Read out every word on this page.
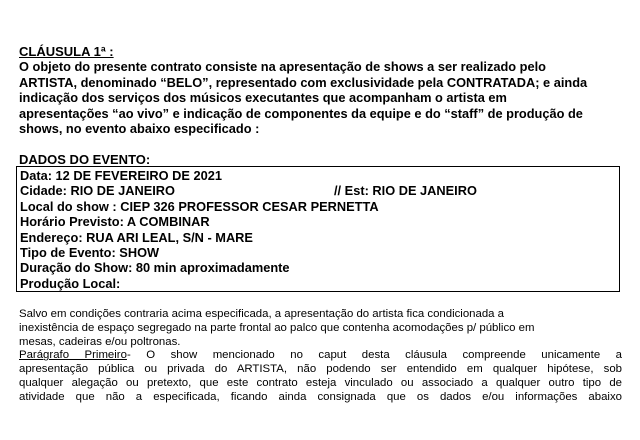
CLÁUSULA 1ª :
O objeto do presente contrato consiste na apresentação de shows a ser realizado pelo
ARTISTA, denominado “BELO”, representado com exclusividade pela CONTRATADA; e ainda
indicação dos serviços dos músicos executantes que acompanham o artista em
apresentações “ao vivo” e indicação de componentes da equipe e do “staff” de produção de
shows, no evento abaixo especificado :
DADOS DO EVENTO:
Data: 12 DE FEVEREIRO DE 2021
Cidade: RIO DE JANEIRO	// Est: RIO DE JANEIRO
Local do show : CIEP 326 PROFESSOR CESAR PERNETTA
Horário Previsto: A COMBINAR
Endereço: RUA ARI LEAL, S/N - MARE
Tipo de Evento: SHOW
Duração do Show: 80 min aproximadamente
Produção Local:
Salvo em condições contraria acima especificada, a apresentação do artista fica condicionada a
inexistência de espaço segregado na parte frontal ao palco que contenha acomodações p/ público em
mesas, cadeiras e/ou poltronas.
Parágrafo Primeiro- O show mencionado no caput desta cláusula compreende unicamente a
apresentação pública ou privada do ARTISTA, não podendo ser entendido em qualquer hipótese, sob
qualquer alegação ou pretexto, que este contrato esteja vinculado ou associado a qualquer outro tipo de
atividade que não a especificada, ficando ainda consignada que os dados e/ou informações abaixo
